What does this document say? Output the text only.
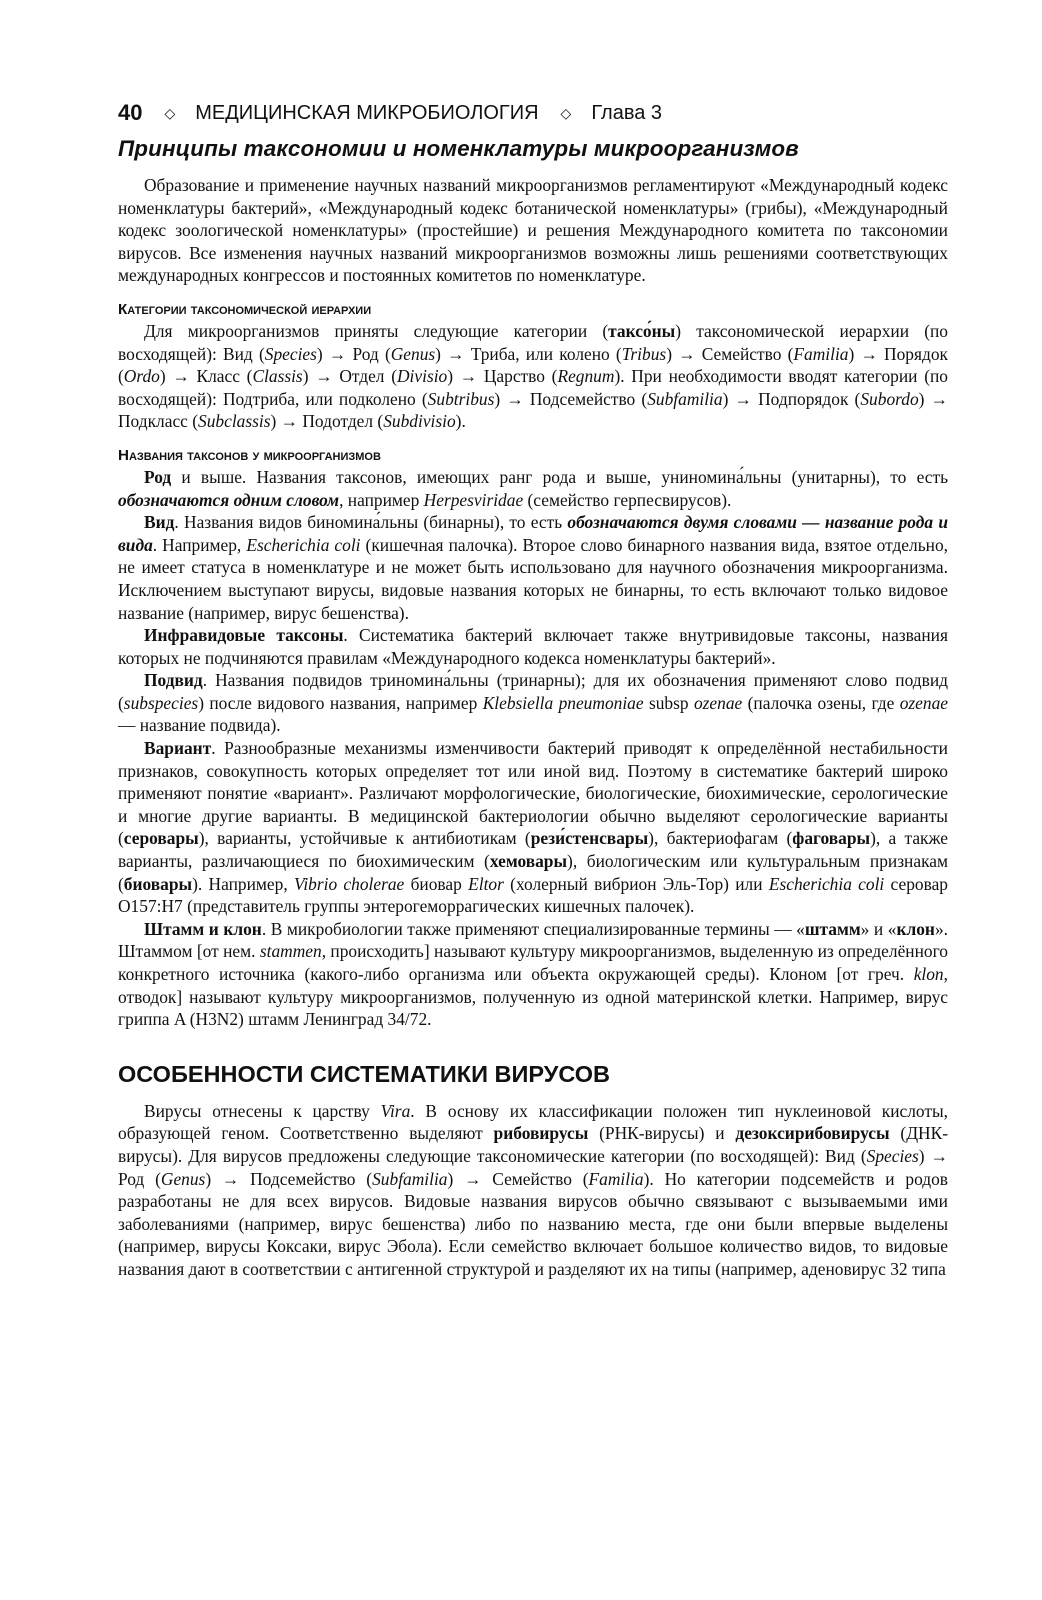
40 ◇ МЕДИЦИНСКАЯ МИКРОБИОЛОГИЯ ◇ Глава 3
Принципы таксономии и номенклатуры микроорганизмов

Образование и применение научных названий микроорганизмов регламентируют «Международный кодекс номенклатуры бактерий», «Международный кодекс ботанической номенклатуры» (грибы), «Международный кодекс зоологической номенклатуры» (простейшие) и решения Международного комитета по таксономии вирусов. Все изменения научных названий микроорганизмов возможны лишь решениями соответствующих международных конгрессов и постоянных комитетов по номенклатуре.

Категории таксономической иерархии

Для микроорганизмов приняты следующие категории (таксо́ны) таксономической иерархии (по восходящей): Вид (Species) → Род (Genus) → Триба, или колено (Tribus) → Семейство (Familia) → Порядок (Ordo) → Класс (Classis) → Отдел (Divisio) → Царство (Regnum). При необходимости вводят категории (по восходящей): Подтриба, или подколено (Subtribus) → Подсемейство (Subfamilia) → Подпорядок (Subordo) → Подкласс (Subclassis) → Подотдел (Subdivisio).

Названия таксонов у микроорганизмов

Род и выше. Названия таксонов, имеющих ранг рода и выше, униномина́льны (унитарны), то есть обозначаются одним словом, например Herpesviridae (семейство герпесвирусов).

Вид. Названия видов биномина́льны (бинарны), то есть обозначаются двумя словами — название рода и вида. Например, Escherichia coli (кишечная палочка). Второе слово бинарного названия вида, взятое отдельно, не имеет статуса в номенклатуре и не может быть использовано для научного обозначения микроорганизма. Исключением выступают вирусы, видовые названия которых не бинарны, то есть включают только видовое название (например, вирус бешенства).

Инфравидовые таксоны. Систематика бактерий включает также внутривидовые таксоны, названия которых не подчиняются правилам «Международного кодекса номенклатуры бактерий».

Подвид. Названия подвидов триномина́льны (тринарны); для их обозначения применяют слово подвид (subspecies) после видового названия, например Klebsiella pneumoniae subsp ozenae (палочка озены, где ozenae — название подвида).

Вариант. Разнообразные механизмы изменчивости бактерий приводят к определённой нестабильности признаков, совокупность которых определяет тот или иной вид. Поэтому в систематике бактерий широко применяют понятие «вариант». Различают морфологические, биологические, биохимические, серологические и многие другие варианты. В медицинской бактериологии обычно выделяют серологические варианты (серовары), варианты, устойчивые к антибиотикам (рези́стенсвары), бактериофагам (фаговары), а также варианты, различающиеся по биохимическим (хемовары), биологическим или культуральным признакам (биовары). Например, Vibrio cholerae биовар Eltor (холерный вибрион Эль-Тор) или Escherichia coli серовар O157:H7 (представитель группы энтерогеморрагических кишечных палочек).

Штамм и клон. В микробиологии также применяют специализированные термины — «штамм» и «клон». Штаммом [от нем. stammen, происходить] называют культуру микроорганизмов, выделенную из определённого конкретного источника (какого-либо организма или объекта окружающей среды). Клоном [от греч. klon, отводок] называют культуру микроорганизмов, полученную из одной материнской клетки. Например, вирус гриппа A (H3N2) штамм Ленинград 34/72.

ОСОБЕННОСТИ СИСТЕМАТИКИ ВИРУСОВ

Вирусы отнесены к царству Vira. В основу их классификации положен тип нуклеиновой кислоты, образующей геном. Соответственно выделяют рибовирусы (РНК-вирусы) и дезоксирибовирусы (ДНК-вирусы). Для вирусов предложены следующие таксономические категории (по восходящей): Вид (Species) → Род (Genus) → Подсемейство (Subfamilia) → Семейство (Familia). Но категории подсемейств и родов разработаны не для всех вирусов. Видовые названия вирусов обычно связывают с вызываемыми ими заболеваниями (например, вирус бешенства) либо по названию места, где они были впервые выделены (например, вирусы Коксаки, вирус Эбола). Если семейство включает большое количество видов, то видовые названия дают в соответствии с антигенной структурой и разделяют их на типы (например, аденовирус 32 типа
